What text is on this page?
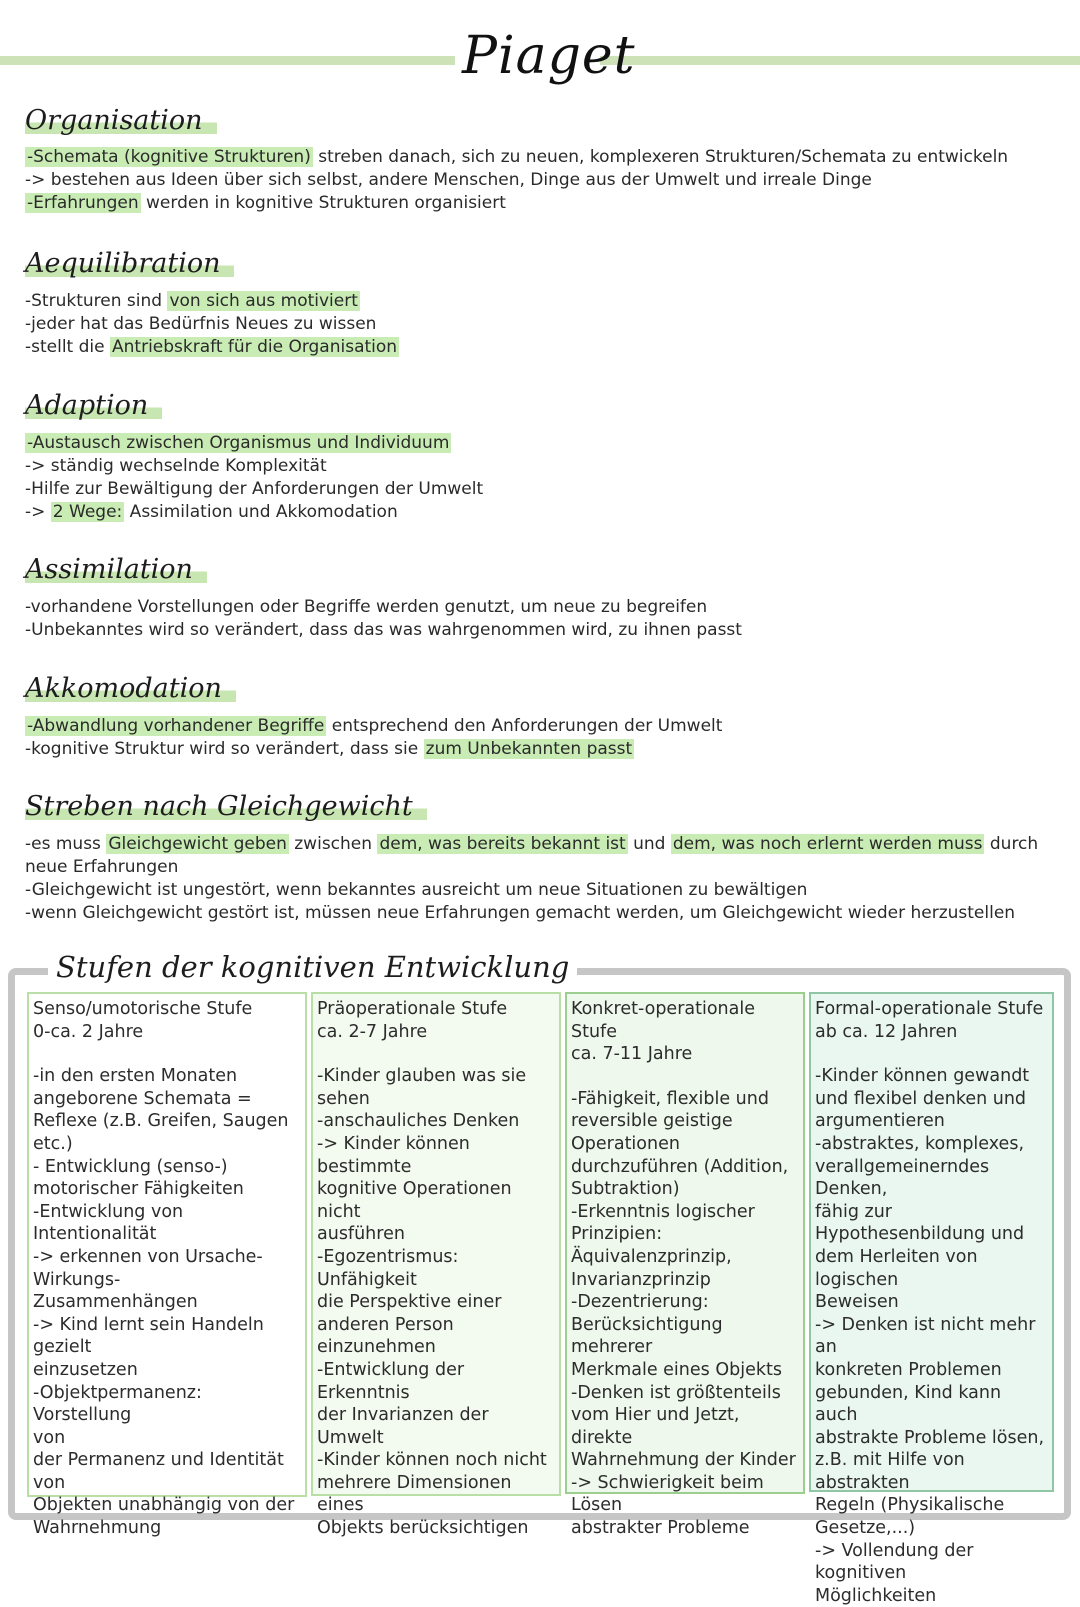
Piaget
Organisation
-Schemata (kognitive Strukturen) streben danach, sich zu neuen, komplexeren Strukturen/Schemata zu entwickeln
-> bestehen aus Ideen über sich selbst, andere Menschen, Dinge aus der Umwelt und irreale Dinge
-Erfahrungen werden in kognitive Strukturen organisiert
Aequilibration
-Strukturen sind von sich aus motiviert
-jeder hat das Bedürfnis Neues zu wissen
-stellt die Antriebskraft für die Organisation
Adaption
-Austausch zwischen Organismus und Individuum
-> ständig wechselnde Komplexität
-Hilfe zur Bewältigung der Anforderungen der Umwelt
-> 2 Wege: Assimilation und Akkomodation
Assimilation
-vorhandene Vorstellungen oder Begriffe werden genutzt, um neue zu begreifen
-Unbekanntes wird so verändert, dass das was wahrgenommen wird, zu ihnen passt
Akkomodation
-Abwandlung vorhandener Begriffe entsprechend den Anforderungen der Umwelt
-kognitive Struktur wird so verändert, dass sie zum Unbekannten passt
Streben nach Gleichgewicht
-es muss Gleichgewicht geben zwischen dem, was bereits bekannt ist und dem, was noch erlernt werden muss durch
neue Erfahrungen
-Gleichgewicht ist ungestört, wenn bekanntes ausreicht um neue Situationen zu bewältigen
-wenn Gleichgewicht gestört ist, müssen neue Erfahrungen gemacht werden, um Gleichgewicht wieder herzustellen
Stufen der kognitiven Entwicklung
Senso/umotorische Stufe
0-ca. 2 Jahre
-in den ersten Monaten
angeborene Schemata =
Reflexe (z.B. Greifen, Saugen
etc.)
- Entwicklung (senso-)
motorischer Fähigkeiten
-Entwicklung von Intentionalität
-> erkennen von Ursache-
Wirkungs-
Zusammenhängen
-> Kind lernt sein Handeln
gezielt
einzusetzen
-Objektpermanenz: Vorstellung
von
der Permanenz und Identität
von
Objekten unabhängig von der
Wahrnehmung
Präoperationale Stufe
ca. 2-7 Jahre
-Kinder glauben was sie
sehen
-anschauliches Denken
-> Kinder können bestimmte
kognitive Operationen nicht
ausführen
-Egozentrismus: Unfähigkeit
die Perspektive einer
anderen Person
einzunehmen
-Entwicklung der Erkenntnis
der Invarianzen der Umwelt
-Kinder können noch nicht
mehrere Dimensionen eines
Objekts berücksichtigen
Konkret-operationale Stufe
ca. 7-11 Jahre
-Fähigkeit, flexible und
reversible geistige
Operationen
durchzuführen (Addition,
Subtraktion)
-Erkenntnis logischer
Prinzipien:
Äquivalenzprinzip,
Invarianzprinzip
-Dezentrierung:
Berücksichtigung mehrerer
Merkmale eines Objekts
-Denken ist größtenteils
vom Hier und Jetzt, direkte
Wahrnehmung der Kinder
-> Schwierigkeit beim Lösen
abstrakter Probleme
Formal-operationale Stufe
ab ca. 12 Jahren
-Kinder können gewandt
und flexibel denken und
argumentieren
-abstraktes, komplexes,
verallgemeinerndes Denken,
fähig zur
Hypothesenbildung und
dem Herleiten von logischen
Beweisen
-> Denken ist nicht mehr an
konkreten Problemen
gebunden, Kind kann auch
abstrakte Probleme lösen,
z.B. mit Hilfe von abstrakten
Regeln (Physikalische
Gesetze,...)
-> Vollendung der kognitiven
Möglichkeiten
